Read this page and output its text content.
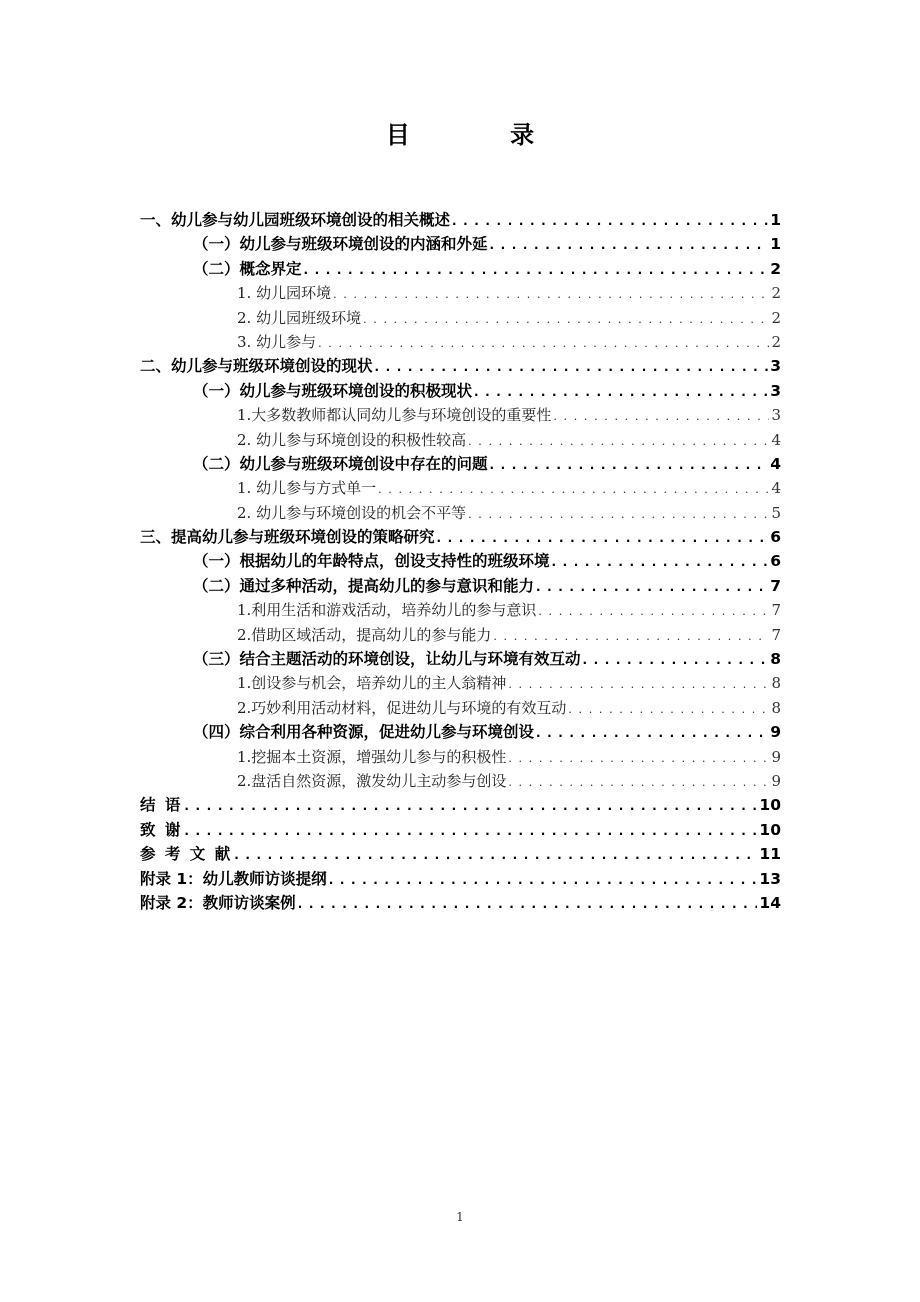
目 录
一、幼儿参与幼儿园班级环境创设的相关概述 . . .	1
（一）幼儿参与班级环境创设的内涵和外延 . . .	1
（二）概念界定 . . .	2
1. 幼儿园环境 . . .	2
2. 幼儿园班级环境 . . .	2
3. 幼儿参与 . . .	2
二、幼儿参与班级环境创设的现状 . . .	3
（一）幼儿参与班级环境创设的积极现状 . . .	3
1.大多数教师都认同幼儿参与环境创设的重要性 . . .	3
2. 幼儿参与环境创设的积极性较高 . . .	4
（二）幼儿参与班级环境创设中存在的问题 . . .	4
1. 幼儿参与方式单一 . . .	4
2. 幼儿参与环境创设的机会不平等 . . .	5
三、提高幼儿参与班级环境创设的策略研究 . . .	6
（一）根据幼儿的年龄特点，创设支持性的班级环境 . . .	6
（二）通过多种活动，提高幼儿的参与意识和能力 . . .	7
1.利用生活和游戏活动，培养幼儿的参与意识 . . .	7
2.借助区域活动，提高幼儿的参与能力 . . .	7
（三）结合主题活动的环境创设，让幼儿与环境有效互动 . . .	8
1.创设参与机会，培养幼儿的主人翁精神 . . .	8
2.巧妙利用活动材料，促进幼儿与环境的有效互动 . . .	8
（四）综合利用各种资源，促进幼儿参与环境创设 . . .	9
1.挖掘本土资源，增强幼儿参与的积极性 . . .	9
2.盘活自然资源，激发幼儿主动参与创设 . . .	9
结 语 . . .	10
致 谢 . . .	10
参 考 文 献 . . .	11
附录 1：幼儿教师访谈提纲 . . .	13
附录 2：教师访谈案例 . . .	14
1
